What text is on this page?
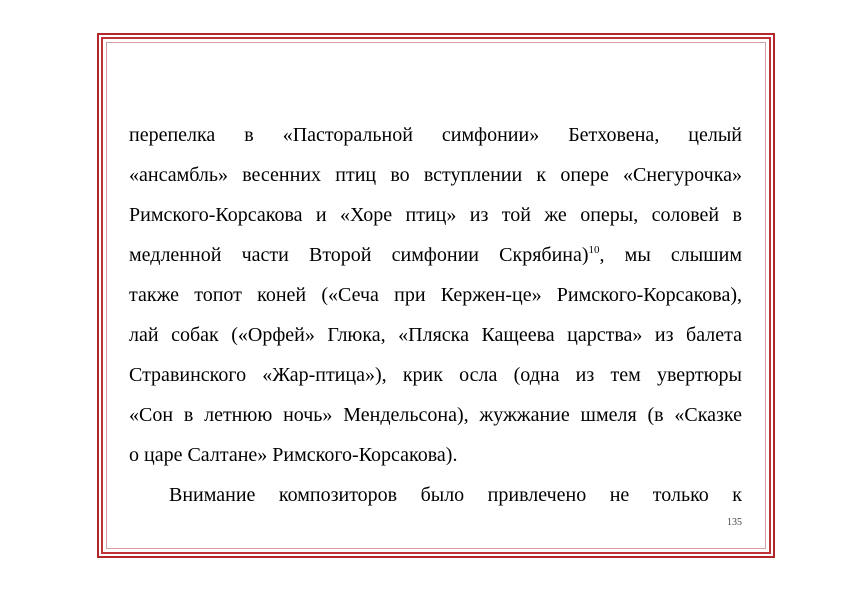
перепелка в «Пасторальной симфонии» Бетховена, целый
«ансамбль» весенних птиц во вступлении к опере «Снегурочка»
Римского-Корсакова и «Хоре птиц» из той же оперы, соловей в
медленной части Второй симфонии Скрябина)$^{10}$, мы слышим
также топот коней («Сеча при Кержен-це» Римского-Корсакова),
лай собак («Орфей» Глюка, «Пляска Кащеева царства» из балета
Стравинского «Жар-птица»), крик осла (одна из тем увертюры
«Сон в летнюю ночь» Мендельсона), жужжание шмеля (в «Сказке
о царе Салтане» Римского-Корсакова).
Внимание композиторов было привлечено не только к
135
